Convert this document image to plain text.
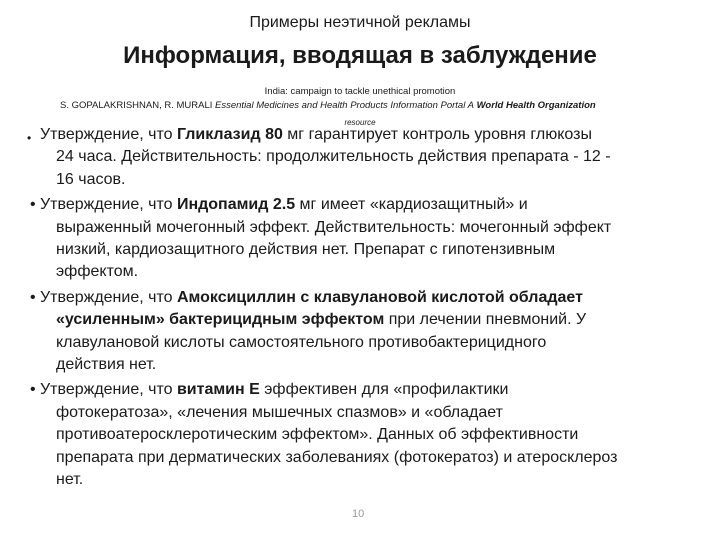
Примеры неэтичной рекламы
Информация, вводящая в заблуждение
India: campaign to tackle unethical promotion
S. GOPALAKRISHNAN, R. MURALI Essential Medicines and Health Products Information Portal A World Health Organization
resource
• Утверждение, что Гликлазид 80 мг гарантирует контроль уровня глюкозы
24 часа. Действительность: продолжительность действия препарата - 12 -
16 часов.
• Утверждение, что Индопамид 2.5 мг имеет «кардиозащитный» и
выраженный мочегонный эффект. Действительность: мочегонный эффект
низкий, кардиозащитного действия нет. Препарат с гипотензивным
эффектом.
• Утверждение, что Амоксициллин с клавулановой кислотой обладает
«усиленным» бактерицидным эффектом при лечении пневмоний. У
клавулановой кислоты самостоятельного противобактерицидного
действия нет.
• Утверждение, что витамин Е эффективен для «профилактики
фотокератоза», «лечения мышечных спазмов» и «обладает
противоатеросклеротическим эффектом». Данных об эффективности
препарата при дерматических заболеваниях (фотокератоз) и атеросклероз
нет.
10
